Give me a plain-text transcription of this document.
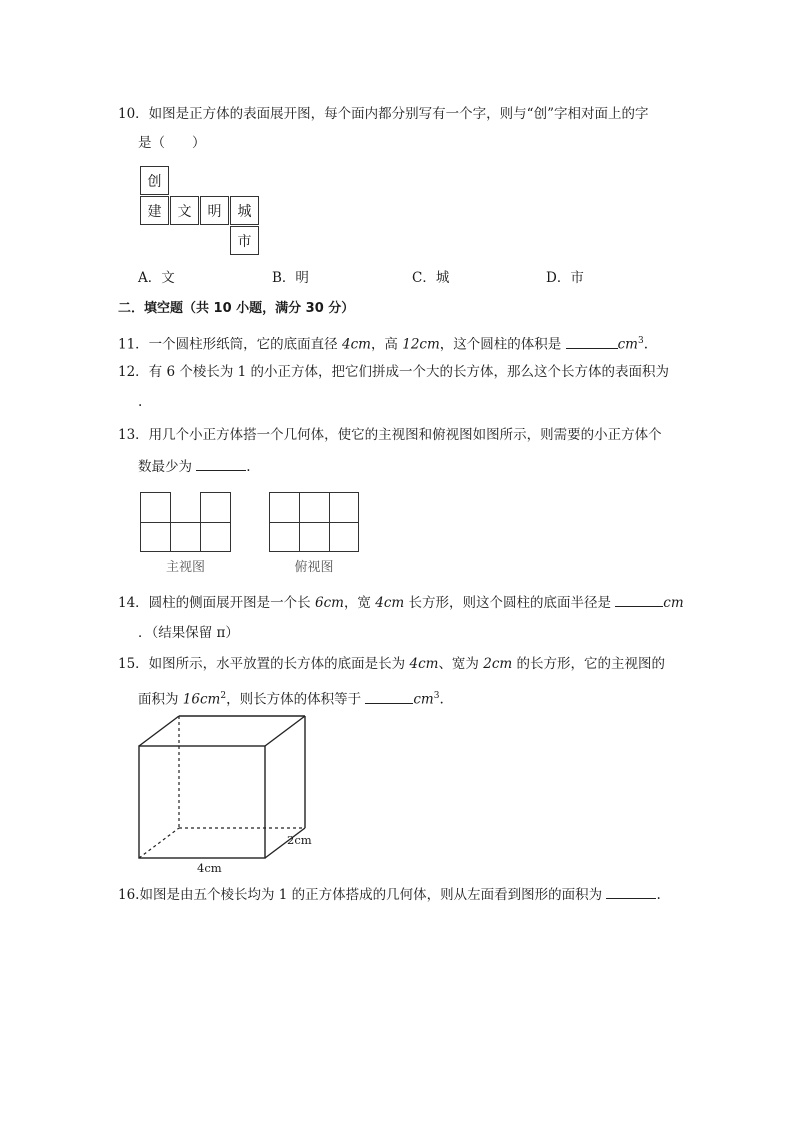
10．如图是正方体的表面展开图，每个面内都分别写有一个字，则与“创”字相对面上的字
是（　　）
创
建	文	明	城
市
A．文	B．明	C．城	D．市
二．填空题（共 10 小题，满分 30 分）
11．一个圆柱形纸筒，它的底面直径 4cm，高 12cm，这个圆柱的体积是	$cm^3$.
12．有 6 个棱长为 1 的小正方体，把它们拼成一个大的长方体，那么这个长方体的表面积为
.
13．用几个小正方体搭一个几何体，使它的主视图和俯视图如图所示，则需要的小正方体个
数最少为	.
主视图	俯视图
14．圆柱的侧面展开图是一个长 6cm，宽 4cm 长方形，则这个圆柱的底面半径是	cm
．（结果保留 π）
15．如图所示，水平放置的长方体的底面是长为 4cm、宽为 2cm 的长方形，它的主视图的
面积为 $16cm^2$，则长方体的体积等于	$cm^3$.
2cm
4cm
16.如图是由五个棱长均为 1 的正方体搭成的几何体，则从左面看到图形的面积为	.
